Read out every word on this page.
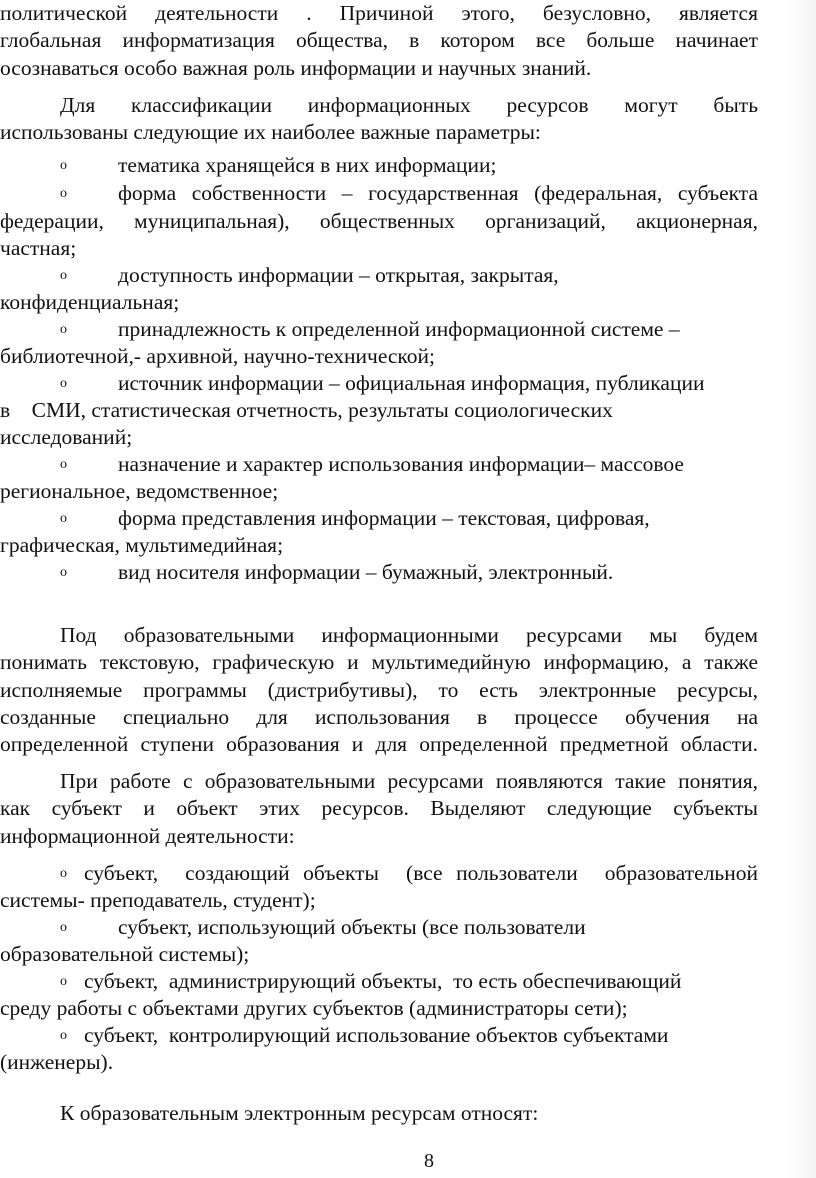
политической деятельности . Причиной этого, безусловно, является
глобальная информатизация общества, в котором все больше начинает
осознаваться особо важная роль информации и научных знаний.
Для классификации информационных ресурсов могут быть
использованы следующие их наиболее важные параметры:
o тематика хранящейся в них информации;
o форма собственности – государственная (федеральная, субъекта
федерации, муниципальная), общественных организаций, акционерная,
частная;
o доступность информации – открытая, закрытая,
конфиденциальная;
o принадлежность к определенной информационной системе –
библиотечной,- архивной, научно-технической;
o источник информации – официальная информация, публикации
в    СМИ, статистическая отчетность, результаты социологических
исследований;
o назначение и характер использования информации– массовое
региональное, ведомственное;
o форма представления информации – текстовая, цифровая,
графическая, мультимедийная;
o вид носителя информации – бумажный, электронный.
Под образовательными информационными ресурсами мы будем
понимать текстовую, графическую и мультимедийную информацию, а также
исполняемые программы (дистрибутивы), то есть электронные ресурсы,
созданные специально для использования в процессе обучения на
определенной ступени образования и для определенной предметной области.
При работе с образовательными ресурсами появляются такие понятия,
как субъект и объект этих ресурсов. Выделяют следующие субъекты
информационной деятельности:
o субъект,  создающий объекты  (все пользователи  образовательной
системы- преподаватель, студент);
o субъект, использующий объекты (все пользователи
образовательной системы);
o субъект,  администрирующий объекты,  то есть обеспечивающий
среду работы с объектами других субъектов (администраторы сети);
o субъект,  контролирующий использование объектов субъектами
(инженеры).
К образовательным электронным ресурсам относят:
8
